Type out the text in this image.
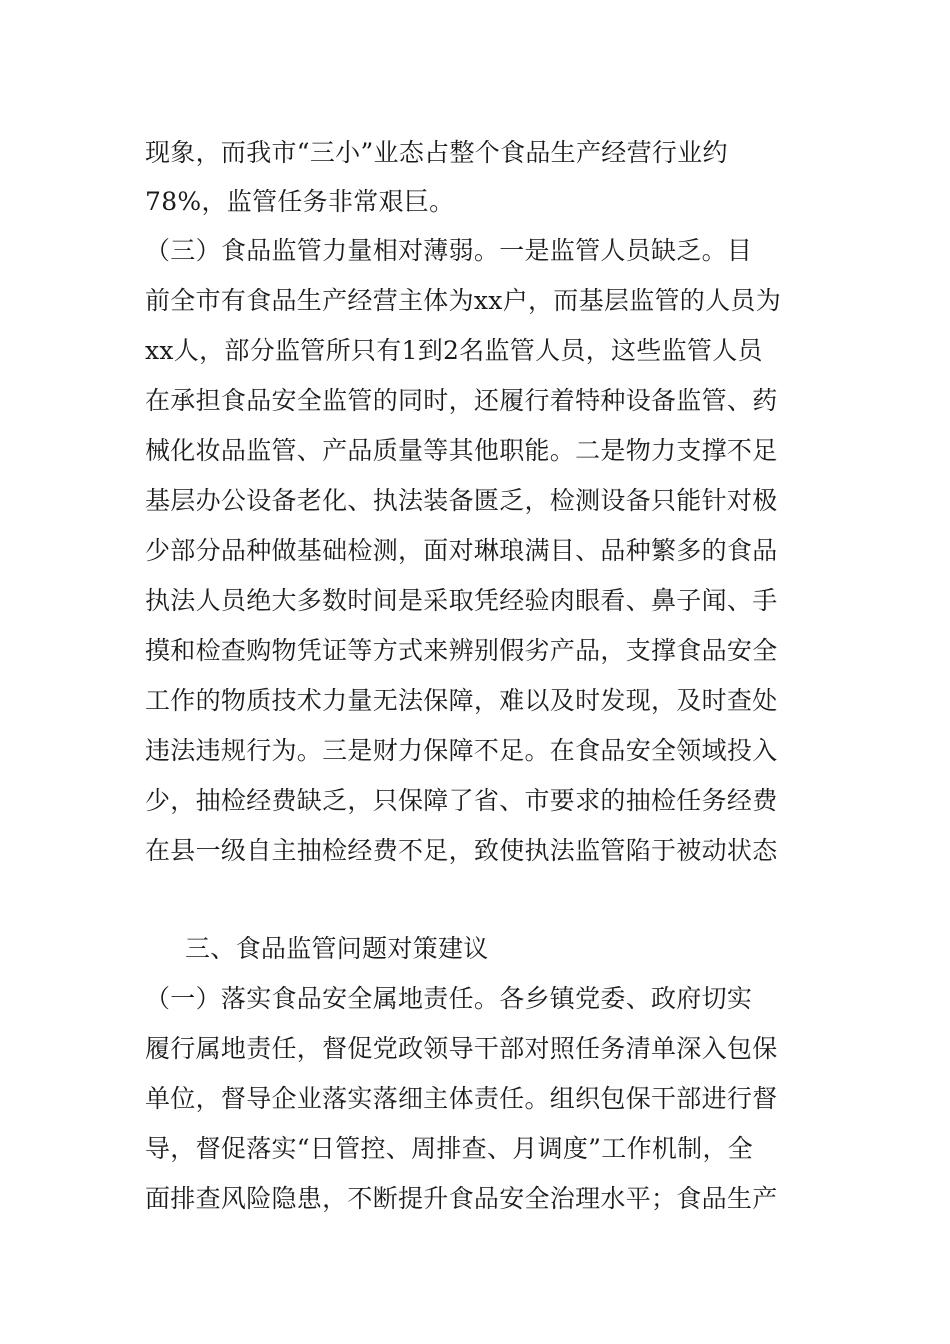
现象，而我市“三小”业态占整个食品生产经营行业约
78%，监管任务非常艰巨。
（三）食品监管力量相对薄弱。一是监管人员缺乏。目
前全市有食品生产经营主体为xx户，而基层监管的人员为
xx人，部分监管所只有1到2名监管人员，这些监管人员
在承担食品安全监管的同时，还履行着特种设备监管、药
械化妆品监管、产品质量等其他职能。二是物力支撑不足
基层办公设备老化、执法装备匮乏，检测设备只能针对极
少部分品种做基础检测，面对琳琅满目、品种繁多的食品
执法人员绝大多数时间是采取凭经验肉眼看、鼻子闻、手
摸和检查购物凭证等方式来辨别假劣产品，支撑食品安全
工作的物质技术力量无法保障，难以及时发现，及时查处
违法违规行为。三是财力保障不足。在食品安全领域投入
少，抽检经费缺乏，只保障了省、市要求的抽检任务经费
在县一级自主抽检经费不足，致使执法监管陷于被动状态
三、食品监管问题对策建议
（一）落实食品安全属地责任。各乡镇党委、政府切实
履行属地责任，督促党政领导干部对照任务清单深入包保
单位，督导企业落实落细主体责任。组织包保干部进行督
导，督促落实“日管控、周排查、月调度”工作机制，全
面排查风险隐患，不断提升食品安全治理水平；食品生产
